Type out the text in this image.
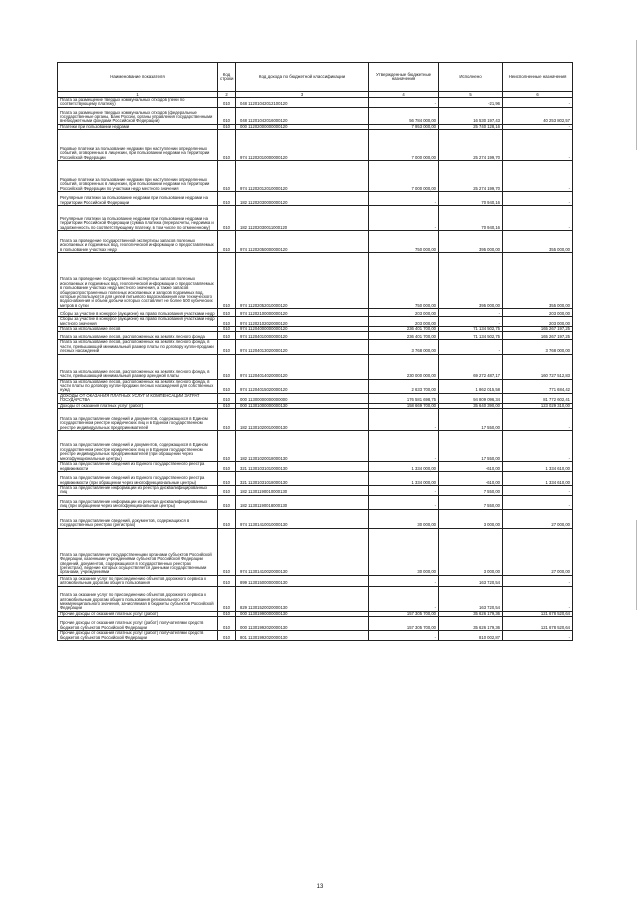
Наименование показателя	Код строки	Код дохода по бюджетной классификации	Утвержденные бюджетные назначения	Исполнено	Неисполненные назначения
1	2	3	4	5	6
Плата за размещение твердых коммунальных отходов (пени по соответствующему платежу)	010	048 11201042012100120	-	-21,96	-
Плата за размещение твердых коммунальных отходов (федеральные государственные органы, Банк России, органы управления государственными внебюджетными фондами Российской Федерации)	010	048 11201042016000120	56 784 000,00	16 530 197,43	40 253 802,57
Платежи при пользовании недрами	010	000 11202000000000120	7 953 000,00	25 740 128,16	-
Разовые платежи за пользование недрами при наступлении определенных событий, оговоренных в лицензии, при пользовании недрами на территории Российской Федерации	010	974 11202010000000120	7 000 000,00	25 274 199,70	-
Разовые платежи за пользование недрами при наступлении определенных событий, оговоренных в лицензии, при пользовании недрами на территории Российской Федерации по участкам недр местного значения	010	974 11202012010000120	7 000 000,00	25 274 199,70	-
Регулярные платежи за пользование недрами при пользовании недрами на территории Российской Федерации	010	182 11202030000000120	-	70 940,16	-
Регулярные платежи за пользование недрами при пользовании недрами на территории Российской Федерации (сумма платежа (перерасчеты, недоимка и задолженность по соответствующему платежу, в том числе по отмененному)	010	182 11202030011000120	-	70 940,16	-
Плата за проведение государственной экспертизы запасов полезных ископаемых и подземных вод, геологической информации о предоставляемых в пользование участках недр	010	974 11202050000000120	750 000,00	395 000,00	355 000,00
Плата за проведение государственной экспертизы запасов полезных ископаемых и подземных вод, геологической информации о предоставляемых в пользование участках недр местного значения, а также запасов общераспространенных полезных ископаемых и запасов подземных вод, которые используются для целей питьевого водоснабжения или технического водоснабжения и объем добычи которых составляет не более 500 кубических метров в сутки	010	974 11202052010000120	750 000,00	395 000,00	355 000,00
Сборы за участие в конкурсе (аукционе) на право пользования участками недр	010	974 11202100000000120	203 000,00	-	203 000,00
Сборы за участие в конкурсе (аукционе) на право пользования участками недр местного значения	010	974 11202102020000120	203 000,00	-	203 000,00
Плата за использование лесов	010	974 11204000000000120	236 401 700,00	71 134 502,75	165 267 197,25
Плата за использование лесов, расположенных на землях лесного фонда	010	974 11204010000000120	236 401 700,00	71 134 502,75	165 267 197,25
Плата за использование лесов, расположенных на землях лесного фонда, в части, превышающей минимальный размер платы по договору купли-продажи лесных насаждений	010	974 11204013020000120	3 768 000,00	-	3 768 000,00
Плата за использование лесов, расположенных на землях лесного фонда, в части, превышающей минимальный размер арендной платы	010	974 11204014020000120	230 000 000,00	69 272 487,17	160 727 512,83
Плата за использование лесов, расположенных на землях лесного фонда, в части платы по договору купли-продажи лесных насаждений для собственных нужд	010	974 11204015020000120	2 633 700,00	1 862 015,58	771 684,42
ДОХОДЫ ОТ ОКАЗАНИЯ ПЛАТНЫХ УСЛУГ И КОМПЕНСАЦИИ ЗАТРАТ ГОСУДАРСТВА	010	000 11300000000000000	176 581 698,75	94 809 096,34	81 772 602,41
Доходы от оказания платных услуг (работ)	010	000 11301000000000130	158 669 700,00	35 640 390,00	123 029 310,00
Плата за предоставление сведений и документов, содержащихся в Едином государственном реестре юридических лиц и в Едином государственном реестре индивидуальных предпринимателей	010	182 11301020010000130	-	17 550,00	-
Плата за предоставление сведений и документов, содержащихся в Едином государственном реестре юридических лиц и в Едином государственном реестре индивидуальных предпринимателей (при обращении через многофункциональные центры)	010	182 11301020018000130	-	17 550,00	-
Плата за предоставление сведений из Единого государственного реестра недвижимости	010	321 11301031010000130	1 334 000,00	-610,00	1 334 610,00
Плата за предоставление сведений из Единого государственного реестра недвижимости (при обращении через многофункциональные центры)	010	321 11301031018000130	1 334 000,00	-610,00	1 334 610,00
Плата за предоставление информации из реестра дисквалифицированных лиц	010	182 11301190010000130	-	7 550,00	-
Плата за предоставление информации из реестра дисквалифицированных лиц (при обращении через многофункциональные центры)	010	182 11301190018000130	-	7 550,00	-
Плата за предоставление сведений, документов, содержащихся в государственных реестрах (регистрах)	010	974 11301410010000130	30 000,00	3 000,00	27 000,00
Плата за предоставление государственными органами субъектов Российской Федерации, казенными учреждениями субъектов Российской Федерации сведений, документов, содержащихся в государственных реестрах (регистрах), ведение которых осуществляется данными государственными органами, учреждениями	010	974 11301410020000130	30 000,00	3 000,00	27 000,00
Плата за оказание услуг по присоединению объектов дорожного сервиса к автомобильным дорогам общего пользования	010	899 11301500000000130	-	163 720,54	-
Плата за оказание услуг по присоединению объектов дорожного сервиса к автомобильным дорогам общего пользования регионального или межмуниципального значения, зачисляемая в бюджеты субъектов Российской Федерации	010	829 11301520020000130	-	163 720,54	-
Прочие доходы от оказания платных услуг (работ)	010	000 11301990000000130	157 305 700,00	35 626 179,36	121 678 520,64
Прочие доходы от оказания платных услуг (работ) получателями средств бюджетов субъектов Российской Федерации	010	000 11301992020000130	157 305 700,00	35 626 179,36	121 678 520,64
Прочие доходы от оказания платных услуг (работ) получателями средств бюджетов субъектов Российской Федерации	010	801 11301992020000130	-	810 002,87	-
13
